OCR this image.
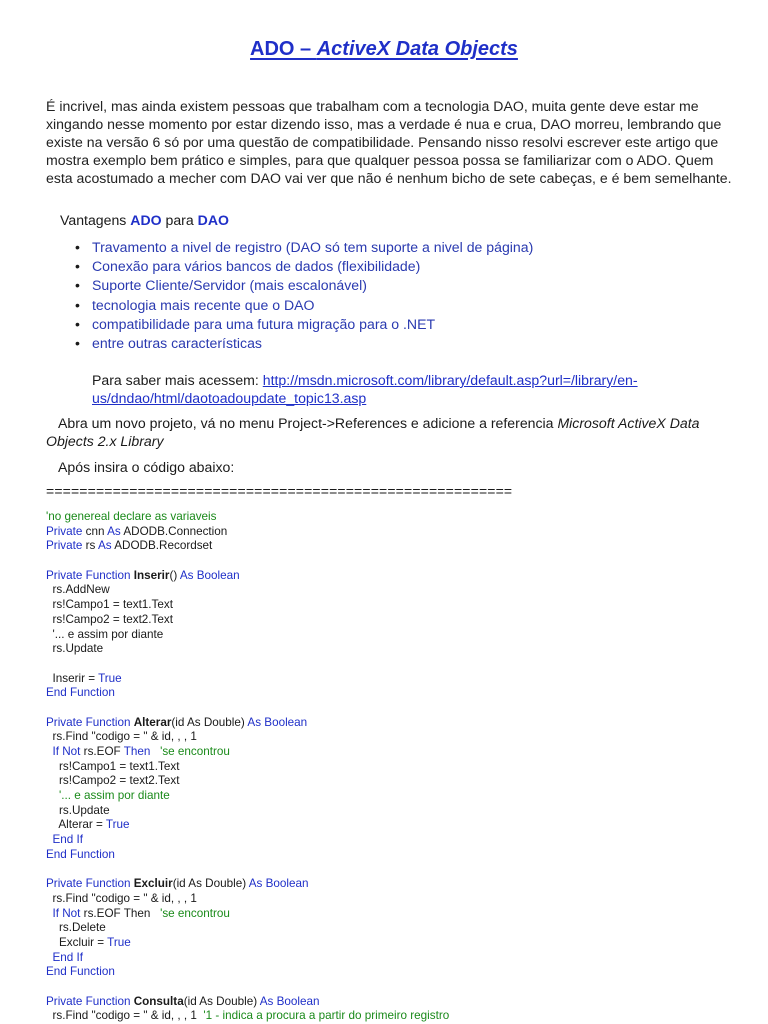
ADO – ActiveX Data Objects
É incrivel, mas ainda existem pessoas que trabalham com a tecnologia DAO, muita gente deve estar me xingando nesse momento por estar dizendo isso, mas a verdade é nua e crua, DAO morreu, lembrando que existe na versão 6 só por uma questão de compatibilidade. Pensando nisso resolvi escrever este artigo que mostra exemplo bem prático e simples, para que qualquer pessoa possa se familiarizar com o ADO. Quem esta acostumado a mecher com DAO vai ver que não é nenhum bicho de sete cabeças, e é bem semelhante.
Vantagens ADO para DAO
• Travamento a nivel de registro (DAO só tem suporte a nivel de página)
• Conexão para vários bancos de dados (flexibilidade)
• Suporte Cliente/Servidor (mais escalonável)
• tecnologia mais recente que o DAO
• compatibilidade para uma futura migração para o .NET
• entre outras características
Para saber mais acessem: http://msdn.microsoft.com/library/default.asp?url=/library/en-us/dndao/html/daotoadoupdate_topic13.asp
Abra um novo projeto, vá no menu Project->References e adicione a referencia Microsoft ActiveX Data Objects 2.x Library
Após insira o código abaixo:
========================================================
'no genereal declare as variaveis
Private cnn As ADODB.Connection
Private rs As ADODB.Recordset
Private Function Inserir() As Boolean
rs.AddNew
rs!Campo1 = text1.Text
rs!Campo2 = text2.Text
'... e assim por diante
rs.Update
Inserir = True
End Function
Private Function Alterar(id As Double) As Boolean
rs.Find "codigo = " & id, , , 1
If Not rs.EOF Then   'se encontrou
rs!Campo1 = text1.Text
rs!Campo2 = text2.Text
'... e assim por diante
rs.Update
Alterar = True
End If
End Function
Private Function Excluir(id As Double) As Boolean
rs.Find "codigo = " & id, , , 1
If Not rs.EOF Then   'se encontrou
rs.Delete
Excluir = True
End If
End Function
Private Function Consulta(id As Double) As Boolean
rs.Find "codigo = " & id, , , 1  '1 - indica a procura a partir do primeiro registro
